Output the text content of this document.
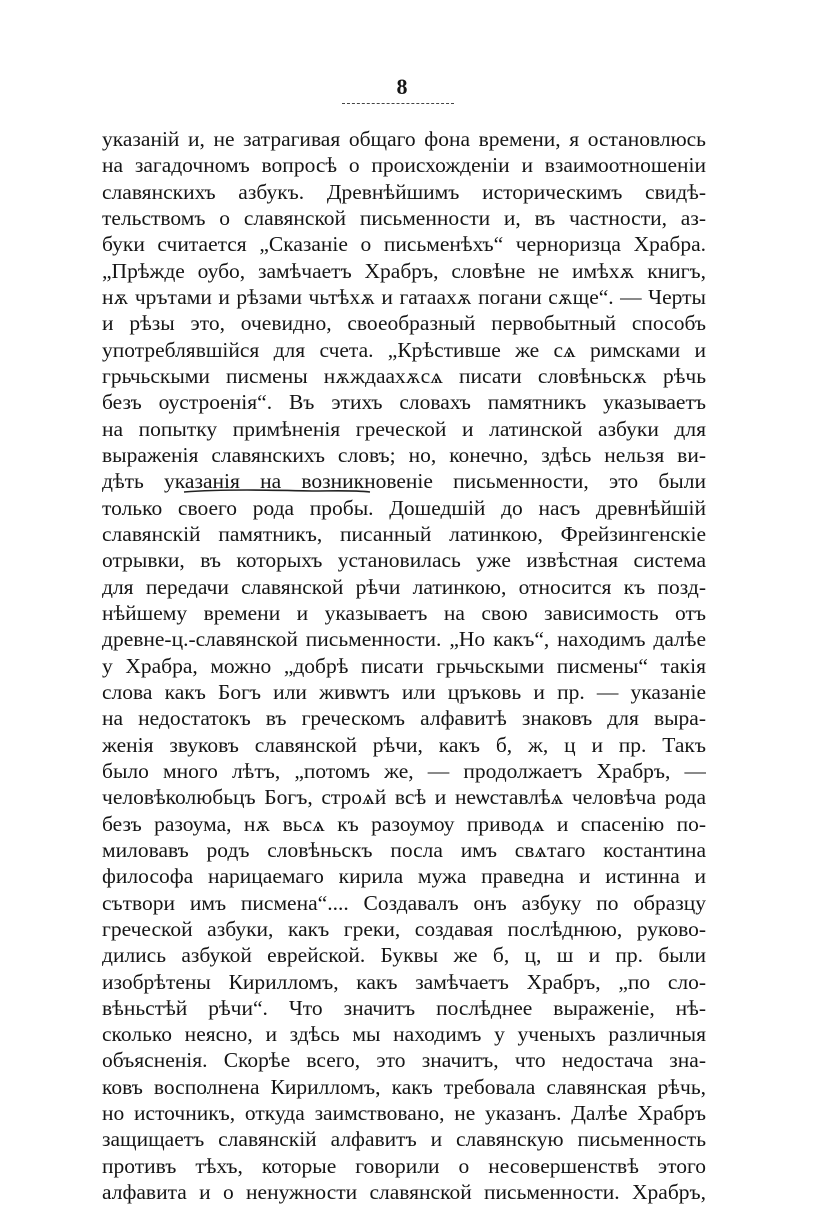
8
указаній и, не затрагивая общаго фона времени, я остановлюсь
на загадочномъ вопросѣ о происхожденіи и взаимоотношеніи
славянскихъ азбукъ. Древнѣйшимъ историческимъ свидѣ-
тельствомъ о славянской письменности и, въ частности, аз-
буки считается „Сказаніе о письменѣхъ“ черноризца Храбра.
„Прѣжде оубо, замѣчаетъ Храбръ, словѣне не имѣхѫ книгъ,
нѫ чрътами и рѣзами чьтѣхѫ и гатаахѫ погани сѫще“. — Черты
и рѣзы это, очевидно, своеобразный первобытный способъ
употреблявшійся для счета. „Крѣстивше же сѧ римсками и
грьчьскыми писмены нѫждаахѫсѧ писати словѣньскѫ рѣчь
безъ оустроенія“. Въ этихъ словахъ памятникъ указываетъ
на попытку примѣненія греческой и латинской азбуки для
выраженія славянскихъ словъ; но, конечно, здѣсь нельзя ви-
дѣть указанія на возникновеніе письменности, это были
только своего рода пробы. Дошедшій до насъ древнѣйшій
славянскій памятникъ, писанный латинкою, Фрейзингенскіе
отрывки, въ которыхъ установилась уже извѣстная система
для передачи славянской рѣчи латинкою, относится къ позд-
нѣйшему времени и указываетъ на свою зависимость отъ
древне-ц.-славянской письменности. „Но какъ“, находимъ далѣе
у Храбра, можно „добрѣ писати грьчьскыми писмены“ такія
слова какъ Богъ или живѡтъ или цръковь и пр. — указаніе
на недостатокъ въ греческомъ алфавитѣ знаковъ для выра-
женія звуковъ славянской рѣчи, какъ б, ж, ц и пр. Такъ
было много лѣтъ, „потомъ же, — продолжаетъ Храбръ, —
человѣколюбьцъ Богъ, строѧй всѣ и неѡставлѣѧ человѣча рода
безъ разоума, нѫ вьсѧ къ разоумоу приводѧ и спасенію по-
миловавъ родъ словѣньскъ посла имъ свѧтаго костантина
философа нарицаемаго кирила мужа праведна и истинна и
сътвори имъ писмена“.... Создавалъ онъ азбуку по образцу
греческой азбуки, какъ греки, создавая послѣднюю, руково-
дились азбукой еврейской. Буквы же б, ц, ш и пр. были
изобрѣтены Кирилломъ, какъ замѣчаетъ Храбръ, „по сло-
вѣньстѣй рѣчи“. Что значитъ послѣднее выраженіе, нѣ-
сколько неясно, и здѣсь мы находимъ у ученыхъ различныя
объясненія. Скорѣе всего, это значитъ, что недостача зна-
ковъ восполнена Кирилломъ, какъ требовала славянская рѣчь,
но источникъ, откуда заимствовано, не указанъ. Далѣе Храбръ
защищаетъ славянскій алфавитъ и славянскую письменность
противъ тѣхъ, которые говорили о несовершенствѣ этого
алфавита и о ненужности славянской письменности. Храбръ,
